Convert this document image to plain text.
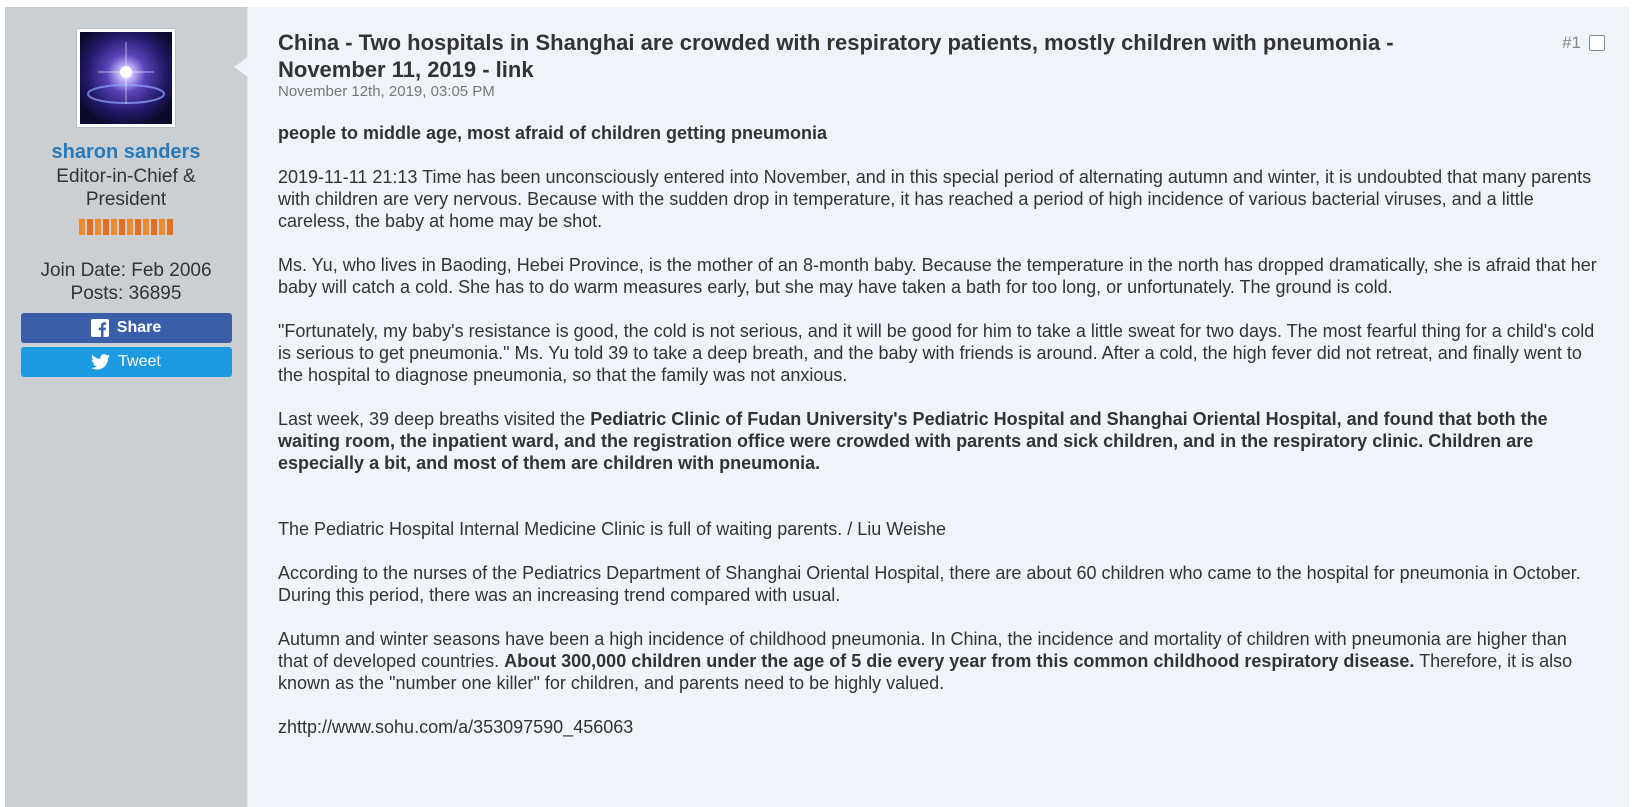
sharon sanders
Editor-in-Chief & President
Join Date: Feb 2006
Posts: 36895
Share
Tweet
China - Two hospitals in Shanghai are crowded with respiratory patients, mostly children with pneumonia - November 11, 2019 - link
November 12th, 2019, 03:05 PM
#1

people to middle age, most afraid of children getting pneumonia

2019-11-11 21:13 Time has been unconsciously entered into November, and in this special period of alternating autumn and winter, it is undoubted that many parents with children are very nervous. Because with the sudden drop in temperature, it has reached a period of high incidence of various bacterial viruses, and a little careless, the baby at home may be shot.

Ms. Yu, who lives in Baoding, Hebei Province, is the mother of an 8-month baby. Because the temperature in the north has dropped dramatically, she is afraid that her baby will catch a cold. She has to do warm measures early, but she may have taken a bath for too long, or unfortunately. The ground is cold.

"Fortunately, my baby's resistance is good, the cold is not serious, and it will be good for him to take a little sweat for two days. The most fearful thing for a child's cold is serious to get pneumonia." Ms. Yu told 39 to take a deep breath, and the baby with friends is around. After a cold, the high fever did not retreat, and finally went to the hospital to diagnose pneumonia, so that the family was not anxious.

Last week, 39 deep breaths visited the Pediatric Clinic of Fudan University's Pediatric Hospital and Shanghai Oriental Hospital, and found that both the waiting room, the inpatient ward, and the registration office were crowded with parents and sick children, and in the respiratory clinic. Children are especially a bit, and most of them are children with pneumonia.

The Pediatric Hospital Internal Medicine Clinic is full of waiting parents. / Liu Weishe

According to the nurses of the Pediatrics Department of Shanghai Oriental Hospital, there are about 60 children who came to the hospital for pneumonia in October. During this period, there was an increasing trend compared with usual.

Autumn and winter seasons have been a high incidence of childhood pneumonia. In China, the incidence and mortality of children with pneumonia are higher than that of developed countries. About 300,000 children under the age of 5 die every year from this common childhood respiratory disease. Therefore, it is also known as the "number one killer" for children, and parents need to be highly valued.

zhttp://www.sohu.com/a/353097590_456063
